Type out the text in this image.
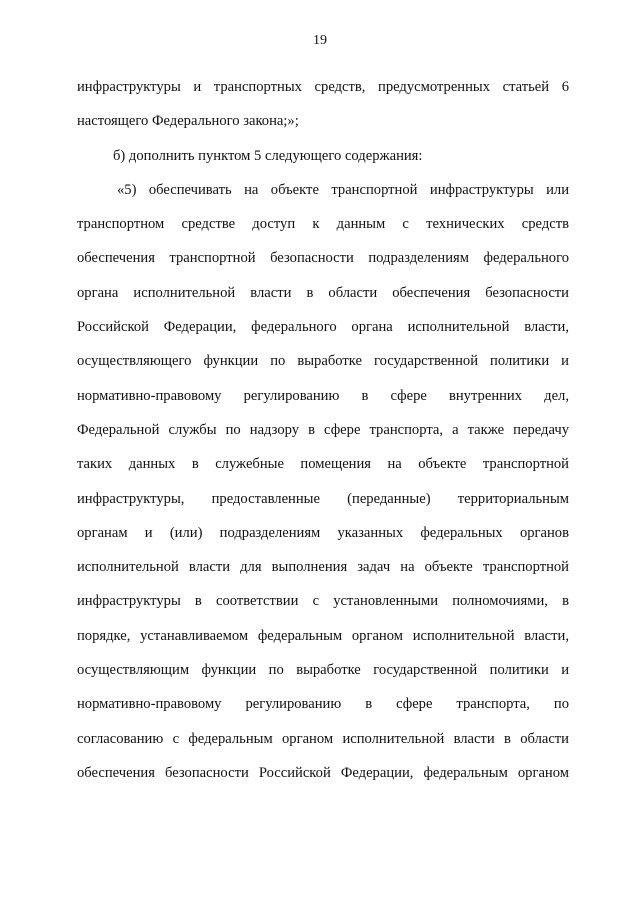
19
инфраструктуры и транспортных средств, предусмотренных статьей 6
настоящего Федерального закона;»;
б) дополнить пунктом 5 следующего содержания:
«5) обеспечивать на объекте транспортной инфраструктуры или
транспортном средстве доступ к данным с технических средств
обеспечения транспортной безопасности подразделениям федерального
органа исполнительной власти в области обеспечения безопасности
Российской Федерации, федерального органа исполнительной власти,
осуществляющего функции по выработке государственной политики и
нормативно-правовому регулированию в сфере внутренних дел,
Федеральной службы по надзору в сфере транспорта, а также передачу
таких данных в служебные помещения на объекте транспортной
инфраструктуры, предоставленные (переданные) территориальным
органам и (или) подразделениям указанных федеральных органов
исполнительной власти для выполнения задач на объекте транспортной
инфраструктуры в соответствии с установленными полномочиями, в
порядке, устанавливаемом федеральным органом исполнительной власти,
осуществляющим функции по выработке государственной политики и
нормативно-правовому регулированию в сфере транспорта, по
согласованию с федеральным органом исполнительной власти в области
обеспечения безопасности Российской Федерации, федеральным органом
